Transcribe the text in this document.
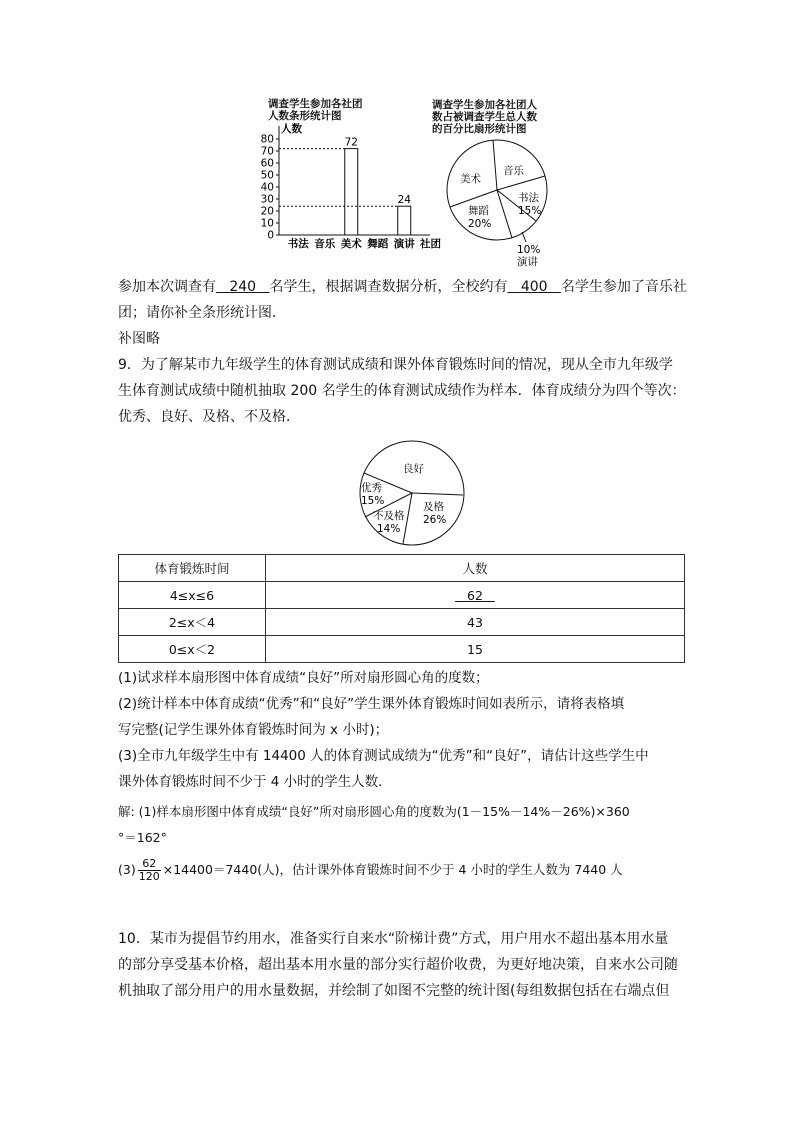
调查学生参加各社团
人数条形统计图
人数
0
10
20
30
40
50
60
70
80	72
24
书法 音乐 美术 舞蹈 演讲 社团
调查学生参加各社团人
数占被调查学生总人数
的百分比扇形统计图
音乐
美术
书法
15%
舞蹈
20%
10%
演讲
参加本次调查有 240 名学生，根据调查数据分析，全校约有 400 名学生参加了音乐社
团；请你补全条形统计图．
补图略
9．为了解某市九年级学生的体育测试成绩和课外体育锻炼时间的情况，现从全市九年级学
生体育测试成绩中随机抽取 200 名学生的体育测试成绩作为样本．体育成绩分为四个等次：
优秀、良好、及格、不及格．
良好
优秀
15%	及格
26%
不及格
14%
体育锻炼时间	人数
4≤x≤6	62
2≤x＜4	43
0≤x＜2	15
(1)试求样本扇形图中体育成绩“良好”所对扇形圆心角的度数；
(2)统计样本中体育成绩“优秀”和“良好”学生课外体育锻炼时间如表所示，请将表格填
写完整(记学生课外体育锻炼时间为 x 小时)；
(3)全市九年级学生中有 14400 人的体育测试成绩为“优秀”和“良好”，请估计这些学生中
课外体育锻炼时间不少于 4 小时的学生人数．
解: (1)样本扇形图中体育成绩“良好”所对扇形圆心角的度数为(1－15%－14%－26%)×360
°＝162°
$(3) \frac{62}{120} \times 14400=7440$(人)，估计课外体育锻炼时间不少于 4 小时的学生人数为 7440 人
10．某市为提倡节约用水，准备实行自来水“阶梯计费”方式，用户用水不超出基本用水量
的部分享受基本价格，超出基本用水量的部分实行超价收费，为更好地决策，自来水公司随
机抽取了部分用户的用水量数据，并绘制了如图不完整的统计图(每组数据包括在右端点但
